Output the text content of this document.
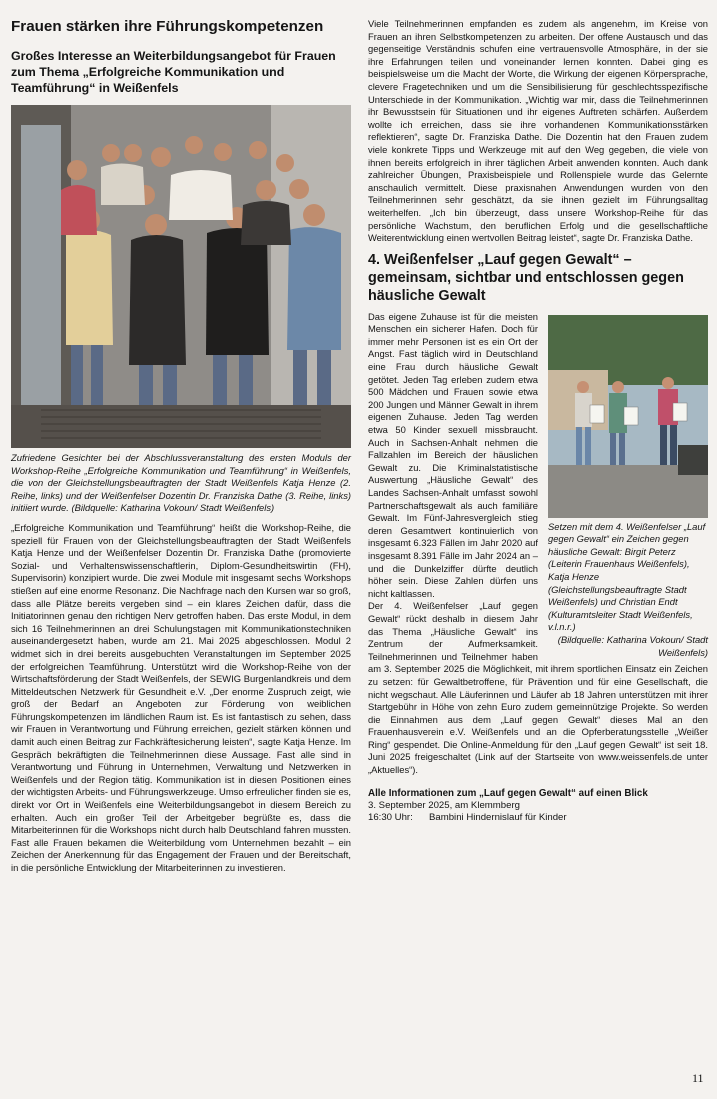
Frauen stärken ihre Führungskompetenzen
Großes Interesse an Weiterbildungsangebot für Frauen zum Thema „Erfolgreiche Kommunikation und Teamführung“ in Weißenfels

Zufriedene Gesichter bei der Abschlussveranstaltung des ersten Moduls der Workshop-Reihe „Erfolgreiche Kommunikation und Teamführung“ in Weißenfels, die von der Gleichstellungsbeauftragten der Stadt Weißenfels Katja Henze (2. Reihe, links) und der Weißenfelser Dozentin Dr. Franziska Dathe (3. Reihe, links) initiiert wurde. (Bildquelle: Katharina Vokoun/ Stadt Weißenfels)

„Erfolgreiche Kommunikation und Teamführung“ heißt die Workshop-Reihe, die speziell für Frauen von der Gleichstellungsbeauftragten der Stadt Weißenfels Katja Henze und der Weißenfelser Dozentin Dr. Franziska Dathe (promovierte Sozial- und Verhaltenswissenschaftlerin, Diplom-Gesundheitswirtin (FH), Supervisorin) konzipiert wurde. Die zwei Module mit insgesamt sechs Workshops stießen auf eine enorme Resonanz. Die Nachfrage nach den Kursen war so groß, dass alle Plätze bereits vergeben sind – ein klares Zeichen dafür, dass die Initiatorinnen genau den richtigen Nerv getroffen haben. Das erste Modul, in dem sich 16 Teilnehmerinnen an drei Schulungstagen mit Kommunikationstechniken auseinandergesetzt haben, wurde am 21. Mai 2025 abgeschlossen. Modul 2 widmet sich in drei bereits ausgebuchten Veranstaltungen im September 2025 der erfolgreichen Teamführung. Unterstützt wird die Workshop-Reihe von der Wirtschaftsförderung der Stadt Weißenfels, der SEWIG Burgenlandkreis und dem Mitteldeutschen Netzwerk für Gesundheit e.V. „Der enorme Zuspruch zeigt, wie groß der Bedarf an Angeboten zur Förderung von weiblichen Führungskompetenzen im ländlichen Raum ist. Es ist fantastisch zu sehen, dass wir Frauen in Verantwortung und Führung erreichen, gezielt stärken können und damit auch einen Beitrag zur Fachkräftesicherung leisten“, sagte Katja Henze. Im Gespräch bekräftigten die Teilnehmerinnen diese Aussage. Fast alle sind in Verantwortung und Führung in Unternehmen, Verwaltung und Netzwerken in Weißenfels und der Region tätig. Kommunikation ist in diesen Positionen eines der wichtigsten Arbeits- und Führungswerkzeuge. Umso erfreulicher finden sie es, direkt vor Ort in Weißenfels eine Weiterbildungsangebot in diesem Bereich zu erhalten. Auch ein großer Teil der Arbeitgeber begrüßte es, dass die Mitarbeiterinnen für die Workshops nicht durch halb Deutschland fahren mussten. Fast alle Frauen bekamen die Weiterbildung vom Unternehmen bezahlt – ein Zeichen der Anerkennung für das Engagement der Frauen und der Bereitschaft, in die persönliche Entwicklung der Mitarbeiterinnen zu investieren.

Viele Teilnehmerinnen empfanden es zudem als angenehm, im Kreise von Frauen an ihren Selbstkompetenzen zu arbeiten. Der offene Austausch und das gegenseitige Verständnis schufen eine vertrauensvolle Atmosphäre, in der sie ihre Erfahrungen teilen und voneinander lernen konnten. Dabei ging es beispielsweise um die Macht der Worte, die Wirkung der eigenen Körpersprache, clevere Fragetechniken und um die Sensibilisierung für geschlechtsspezifische Unterschiede in der Kommunikation. „Wichtig war mir, dass die Teilnehmerinnen ihr Bewusstsein für Situationen und ihr eigenes Auftreten schärfen. Außerdem wollte ich erreichen, dass sie ihre vorhandenen Kommunikationsstärken reflektieren“, sagte Dr. Franziska Dathe. Die Dozentin hat den Frauen zudem viele konkrete Tipps und Werkzeuge mit auf den Weg gegeben, die viele von ihnen bereits erfolgreich in ihrer täglichen Arbeit anwenden konnten. Auch dank zahlreicher Übungen, Praxisbeispiele und Rollenspiele wurde das Gelernte anschaulich vermittelt. Diese praxisnahen Anwendungen wurden von den Teilnehmerinnen sehr geschätzt, da sie ihnen gezielt im Führungsalltag weiterhelfen. „Ich bin überzeugt, dass unsere Workshop-Reihe für das persönliche Wachstum, den beruflichen Erfolg und die gesellschaftliche Weiterentwicklung einen wertvollen Beitrag leistet“, sagte Dr. Franziska Dathe.

4. Weißenfelser „Lauf gegen Gewalt“ – gemeinsam, sichtbar und entschlossen gegen häusliche Gewalt
Setzen mit dem 4. Weißenfelser „Lauf gegen Gewalt“ ein Zeichen gegen häusliche Gewalt: Birgit Peterz (Leiterin Frauenhaus Weißenfels), Katja Henze (Gleichstellungsbeauftragte Stadt Weißenfels) und Christian Endt (Kulturamtsleiter Stadt Weißenfels, v.l.n.r.)
(Bildquelle: Katharina Vokoun/ Stadt Weißenfels)

Das eigene Zuhause ist für die meisten Menschen ein sicherer Hafen. Doch für immer mehr Personen ist es ein Ort der Angst. Fast täglich wird in Deutschland eine Frau durch häusliche Gewalt getötet. Jeden Tag erleben zudem etwa 500 Mädchen und Frauen sowie etwa 200 Jungen und Männer Gewalt in ihrem eigenen Zuhause. Jeden Tag werden etwa 50 Kinder sexuell missbraucht. Auch in Sachsen-Anhalt nehmen die Fallzahlen im Bereich der häuslichen Gewalt zu. Die Kriminalstatistische Auswertung „Häusliche Gewalt“ des Landes Sachsen-Anhalt umfasst sowohl Partnerschaftsgewalt als auch familiäre Gewalt. Im Fünf-Jahresvergleich stieg deren Gesamtwert kontinuierlich von insgesamt 6.323 Fällen im Jahr 2020 auf insgesamt 8.391 Fälle im Jahr 2024 an – und die Dunkelziffer dürfte deutlich höher sein. Diese Zahlen dürfen uns nicht kaltlassen.

Der 4. Weißenfelser „Lauf gegen Gewalt“ rückt deshalb in diesem Jahr das Thema „Häusliche Gewalt“ ins Zentrum der Aufmerksamkeit. Teilnehmerinnen und Teilnehmer haben am 3. September 2025 die Möglichkeit, mit ihrem sportlichen Einsatz ein Zeichen zu setzen: für Gewaltbetroffene, für Prävention und für eine Gesellschaft, die nicht wegschaut. Alle Läuferinnen und Läufer ab 18 Jahren unterstützen mit ihrer Startgebühr in Höhe von zehn Euro zudem gemeinnützige Projekte. So werden die Einnahmen aus dem „Lauf gegen Gewalt“ dieses Mal an den Frauenhausverein e.V. Weißenfels und an die Opferberatungsstelle „Weißer Ring“ gespendet. Die Online-Anmeldung für den „Lauf gegen Gewalt“ ist seit 18. Juni 2025 freigeschaltet (Link auf der Startseite von www.weissenfels.de unter „Aktuelles“).

Alle Informationen zum „Lauf gegen Gewalt“ auf einen Blick
3. September 2025, am Klemmberg
16:30 Uhr: Bambini Hindernislauf für Kinder
11
